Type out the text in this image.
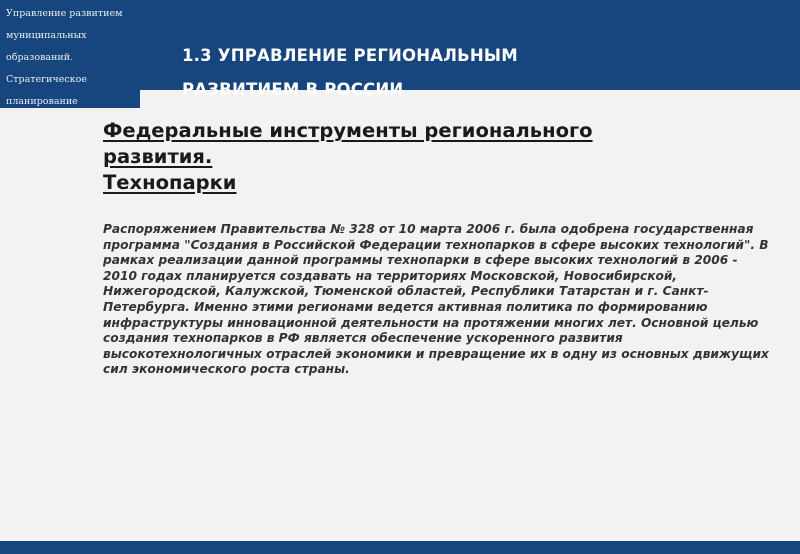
Управление развитием
муниципальных
образований.
Стратегическое
планирование
1.3 УПРАВЛЕНИЕ РЕГИОНАЛЬНЫМ
РАЗВИТИЕМ В РОССИИ
Федеральные инструменты регионального
развития.
Технопарки

Распоряжением Правительства № 328 от 10 марта 2006 г. была одобрена государственная программа "Создания в Российской Федерации технопарков в сфере высоких технологий". В рамках реализации данной программы технопарки в сфере высоких технологий в 2006 - 2010 годах планируется создавать на территориях Московской, Новосибирской, Нижегородской, Калужской, Тюменской областей, Республики Татарстан и г. Санкт-Петербурга. Именно этими регионами ведется активная политика по формированию инфраструктуры инновационной деятельности на протяжении многих лет. Основной целью создания технопарков в РФ является обеспечение ускоренного развития высокотехнологичных отраслей экономики и превращение их в одну из основных движущих сил экономического роста страны.
